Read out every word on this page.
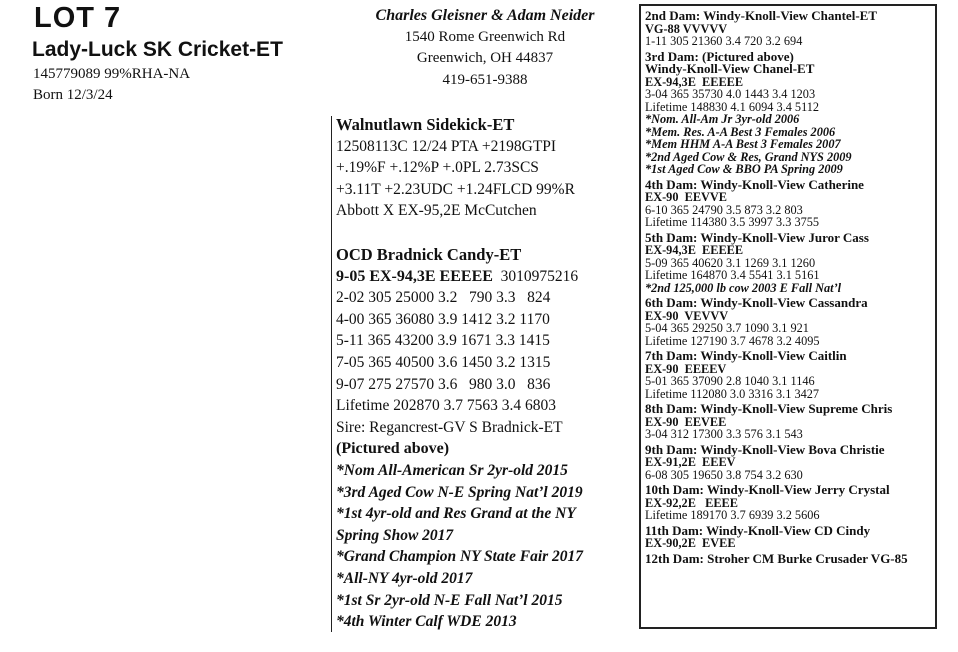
LOT 7
Lady-Luck SK Cricket-ET
145779089 99%RHA-NA
Born 12/3/24
Charles Gleisner & Adam Neider
1540 Rome Greenwich Rd
Greenwich, OH 44837
419-651-9388
Walnutlawn Sidekick-ET
12508113C 12/24 PTA +2198GTPI
+.19%F +.12%P +.0PL 2.73SCS
+3.11T +2.23UDC +1.24FLCD 99%R
Abbott X EX-95,2E McCutchen
OCD Bradnick Candy-ET
9-05 EX-94,3E EEEEE 3010975216
2-02 305 25000 3.2   790 3.3   824
4-00 365 36080 3.9 1412 3.2 1170
5-11 365 43200 3.9 1671 3.3 1415
7-05 365 40500 3.6 1450 3.2 1315
9-07 275 27570 3.6   980 3.0   836
Lifetime 202870 3.7 7563 3.4 6803
Sire: Regancrest-GV S Bradnick-ET
(Pictured above)
*Nom All-American Sr 2yr-old 2015
*3rd Aged Cow N-E Spring Nat’l 2019
*1st 4yr-old and Res Grand at the NY
Spring Show 2017
*Grand Champion NY State Fair 2017
*All-NY 4yr-old 2017
*1st Sr 2yr-old N-E Fall Nat’l 2015
*4th Winter Calf WDE 2013
2nd Dam: Windy-Knoll-View Chantel-ET
VG-88 VVVVV
1-11 305 21360 3.4 720 3.2 694
3rd Dam: (Pictured above)
Windy-Knoll-View Chanel-ET
EX-94,3E  EEEEE
3-04 365 35730 4.0 1443 3.4 1203
Lifetime 148830 4.1 6094 3.4 5112
*Nom. All-Am Jr 3yr-old 2006
*Mem. Res. A-A Best 3 Females 2006
*Mem HHM A-A Best 3 Females 2007
*2nd Aged Cow & Res, Grand NYS 2009
*1st Aged Cow & BBO PA Spring 2009
4th Dam: Windy-Knoll-View Catherine
EX-90  EEVVE
6-10 365 24790 3.5 873 3.2 803
Lifetime 114380 3.5 3997 3.3 3755
5th Dam: Windy-Knoll-View Juror Cass
EX-94,3E  EEEEE
5-09 365 40620 3.1 1269 3.1 1260
Lifetime 164870 3.4 5541 3.1 5161
*2nd 125,000 lb cow 2003 E Fall Nat’l
6th Dam: Windy-Knoll-View Cassandra
EX-90  VEVVV
5-04 365 29250 3.7 1090 3.1 921
Lifetime 127190 3.7 4678 3.2 4095
7th Dam: Windy-Knoll-View Caitlin
EX-90  EEEEV
5-01 365 37090 2.8 1040 3.1 1146
Lifetime 112080 3.0 3316 3.1 3427
8th Dam: Windy-Knoll-View Supreme Chris
EX-90  EEVEE
3-04 312 17300 3.3 576 3.1 543
9th Dam: Windy-Knoll-View Bova Christie
EX-91,2E  EEEV
6-08 305 19650 3.8 754 3.2 630
10th Dam: Windy-Knoll-View Jerry Crystal
EX-92,2E   EEEE
Lifetime 189170 3.7 6939 3.2 5606
11th Dam: Windy-Knoll-View CD Cindy
EX-90,2E  EVEE
12th Dam: Stroher CM Burke Crusader VG-85
